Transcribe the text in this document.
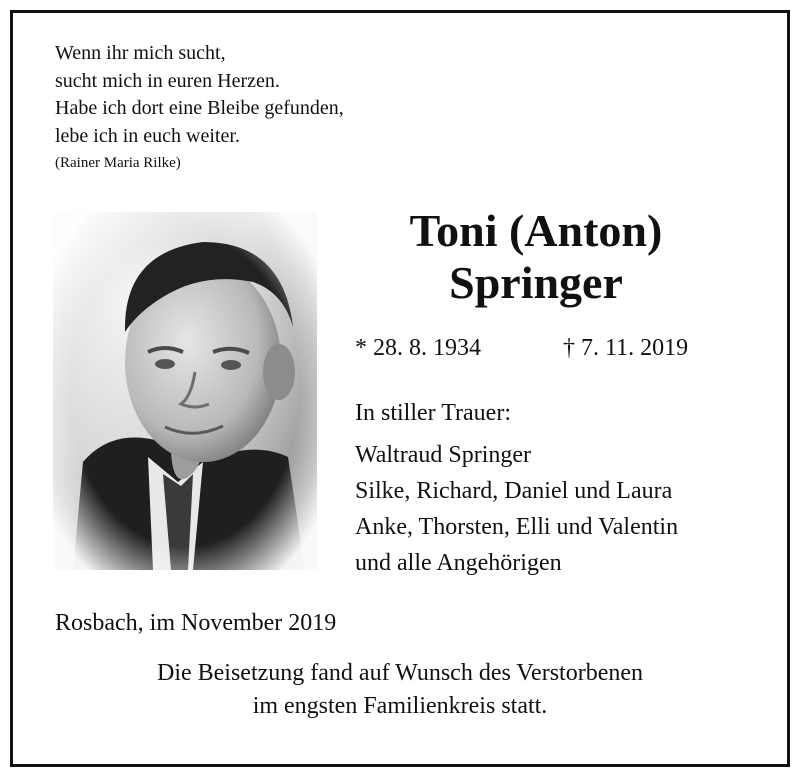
Wenn ihr mich sucht,
sucht mich in euren Herzen.
Habe ich dort eine Bleibe gefunden,
lebe ich in euch weiter.
(Rainer Maria Rilke)
Toni (Anton)
Springer
* 28. 8. 1934	† 7. 11. 2019
In stiller Trauer:
Waltraud Springer
Silke, Richard, Daniel und Laura
Anke, Thorsten, Elli und Valentin
und alle Angehörigen
Rosbach, im November 2019
Die Beisetzung fand auf Wunsch des Verstorbenen
im engsten Familienkreis statt.
